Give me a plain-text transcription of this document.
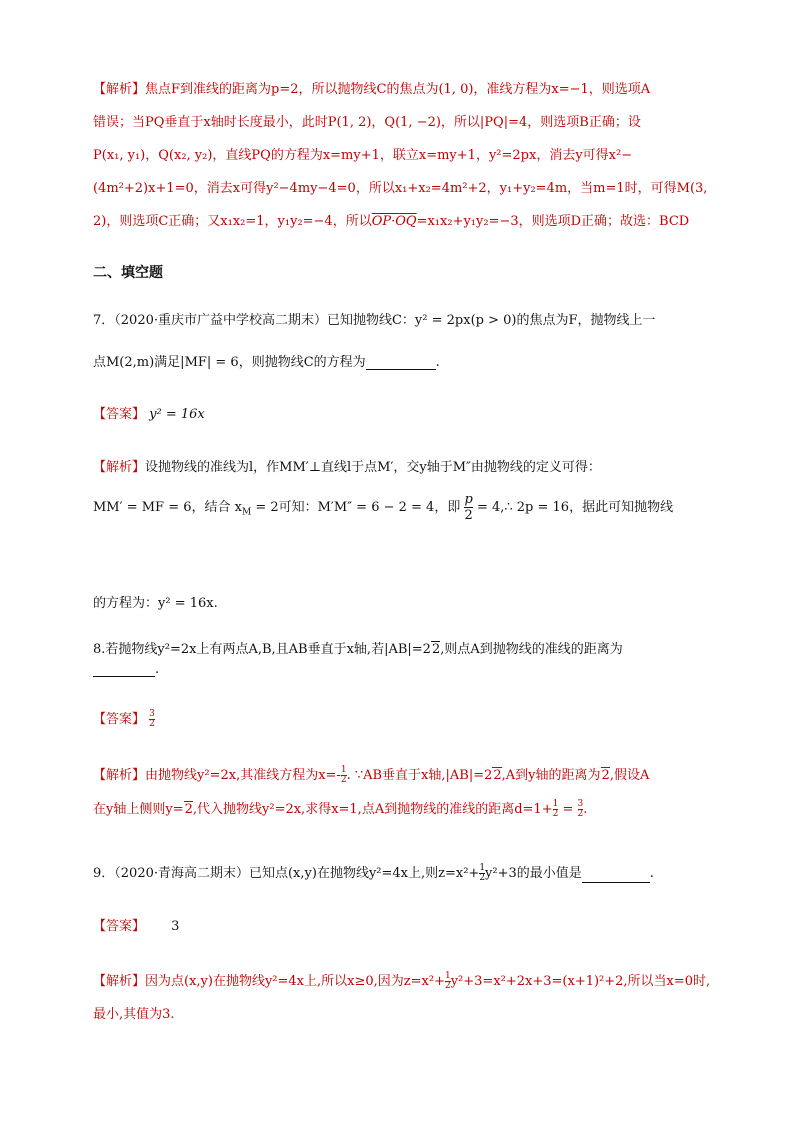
【解析】焦点F到准线的距离为p=2，所以抛物线C的焦点为(1, 0)，准线方程为x=−1，则选项A
错误；当PQ垂直于x轴时长度最小，此时P(1, 2)，Q(1, −2)，所以|PQ|=4，则选项B正确；设
P(x₁, y₁)，Q(x₂, y₂)，直线PQ的方程为x=my+1，联立x=my+1，y²=2px，消去y可得x²−
(4m²+2)x+1=0，消去x可得y²−4my−4=0，所以x₁+x₂=4m²+2，y₁+y₂=4m，当m=1时，可得M(3,
2)，则选项C正确；又x₁x₂=1，y₁y₂=−4，所以OP·OQ=x₁x₂+y₁y₂=−3，则选项D正确；故选：BCD
二、填空题
7．（2020·重庆市广益中学校高二期末）已知抛物线C：y² = 2px(p > 0)的焦点为F，抛物线上一
点M(2,m)满足|MF| = 6，则抛物线C的方程为	.
【答案】 y² = 16x
【解析】设抛物线的准线为l，作MM′⊥直线l于点M′，交y轴于M″由抛物线的定义可得：
MM′ = MF = 6，结合 $x_M = 2$可知：M′M″ = 6 − 2 = 4，即 $\frac{p}{2}$ = 4,∴ 2p = 16，据此可知抛物线
的方程为：y² = 16x.
8.若抛物线y²=2x上有两点A,B,且AB垂直于x轴,若|AB|=22,则点A到抛物线的准线的距离为
.
【答案】 $\frac{3}{2}$
【解析】由抛物线y²=2x,其准线方程为$x=- \frac{1}{2}$ . ∵AB垂直于x轴,|AB|=22,A到y轴的距离为2,假设A
在y轴上侧则y=2,代入抛物线y²=2x,求得x=1,点A到抛物线的准线的距离$d=1+ \frac{1}{2} = \frac{3}{2}$ .
9．（2020·青海高二期末）已知点(x,y)在抛物线y²=4x上,则$z=x^2+ \frac{1}{2} y^2+3$的最小值是	.
【答案】 3
【解析】因为点(x,y)在抛物线y²=4x上,所以x≥0,因为$z=x^2+ \frac{1}{2} y^2+3=x^2+2x+3=(x+1)^2+2$,所以当x=0时,
最小,其值为3.
